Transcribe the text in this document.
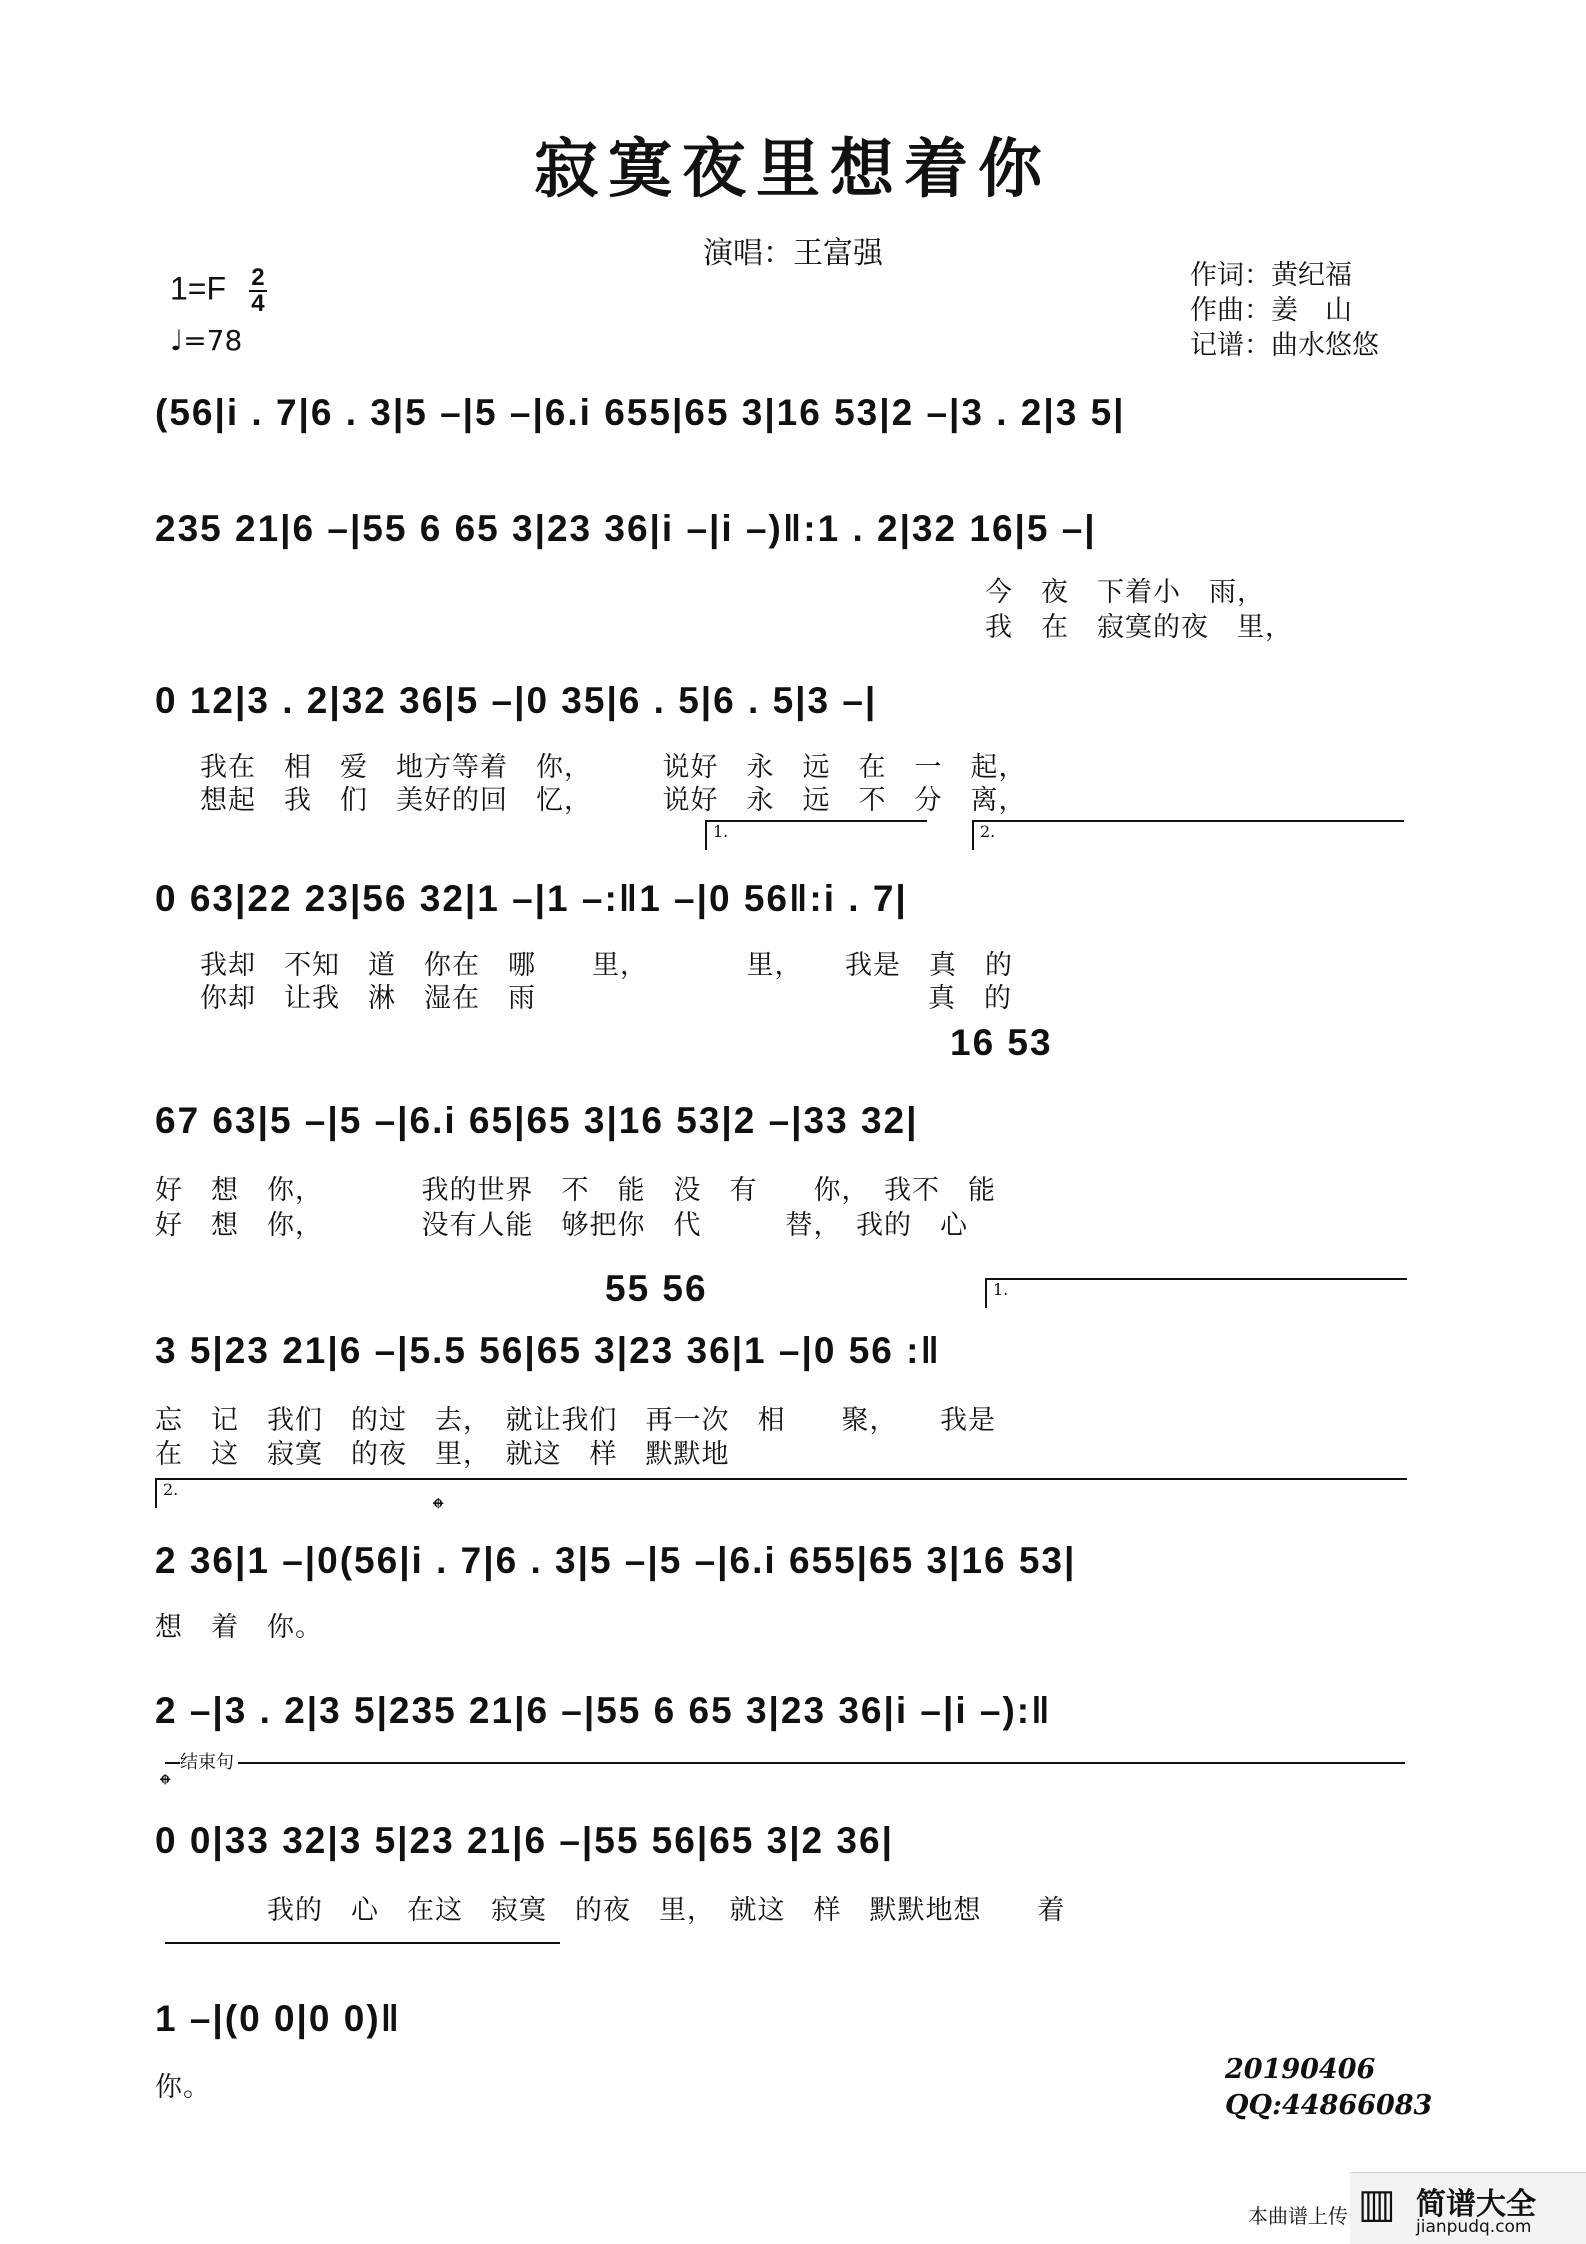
寂寞夜里想着你
演唱：王富强
$1=F \frac{2}{4}$
♩=78
作词：黄纪福
作曲：姜　山
记谱：曲水悠悠
(56|i . 7|6 . 3|5 –|5 –|6.i 655|65 3|16 53|2 –|3 . 2|3 5|
235 21|6 –|55 6 65 3|23 36|i –|i –)‖:1 . 2|32 16|5 –|
今　夜　下着小　雨，
我　在　寂寞的夜　里，
0 12|3 . 2|32 36|5 –|0 35|6 . 5|6 . 5|3 –|
我在　相　爱　地方等着　你，　　　说好　永　远　在　一　起，
想起　我　们　美好的回　忆，　　　说好　永　远　不　分　离，
1.	2.
0 63|22 23|56 32|1 –|1 –:‖1 –|0 56‖:i . 7|
我却　不知　道　你在　哪　　里，　　　　里，　　我是　真　的
你却　让我　淋　湿在　雨　　　　　　　　　　　　　　真　的
16 53
67 63|5 –|5 –|6.i 65|65 3|16 53|2 –|33 32|
好　想　你，　　　　我的世界　不　能　没　有　　你，　我不　能
好　想　你，　　　　没有人能　够把你　代　　　替，　我的　心
55 56	1.
3 5|23 21|6 –|5.5 56|65 3|23 36|1 –|0 56 :‖
忘　记　我们　的过　去，　就让我们　再一次　相　　聚，　　我是
在　这　寂寞　的夜　里，　就这　样　默默地
2.
𝄌
2 36|1 –|0(56|i . 7|6 . 3|5 –|5 –|6.i 655|65 3|16 53|
想　着　你。
2 –|3 . 2|3 5|235 21|6 –|55 6 65 3|23 36|i –|i –):‖
结束句
𝄌
0 0|33 32|3 5|23 21|6 –|55 56|65 3|2 36|
　　　　我的　心　在这　寂寞　的夜　里，　就这　样　默默地想　　着
1 –|(0 0|0 0)‖
你。
20190406
QQ:44866083
本曲谱上传 ▥ 简谱大全
jianpudq.com
